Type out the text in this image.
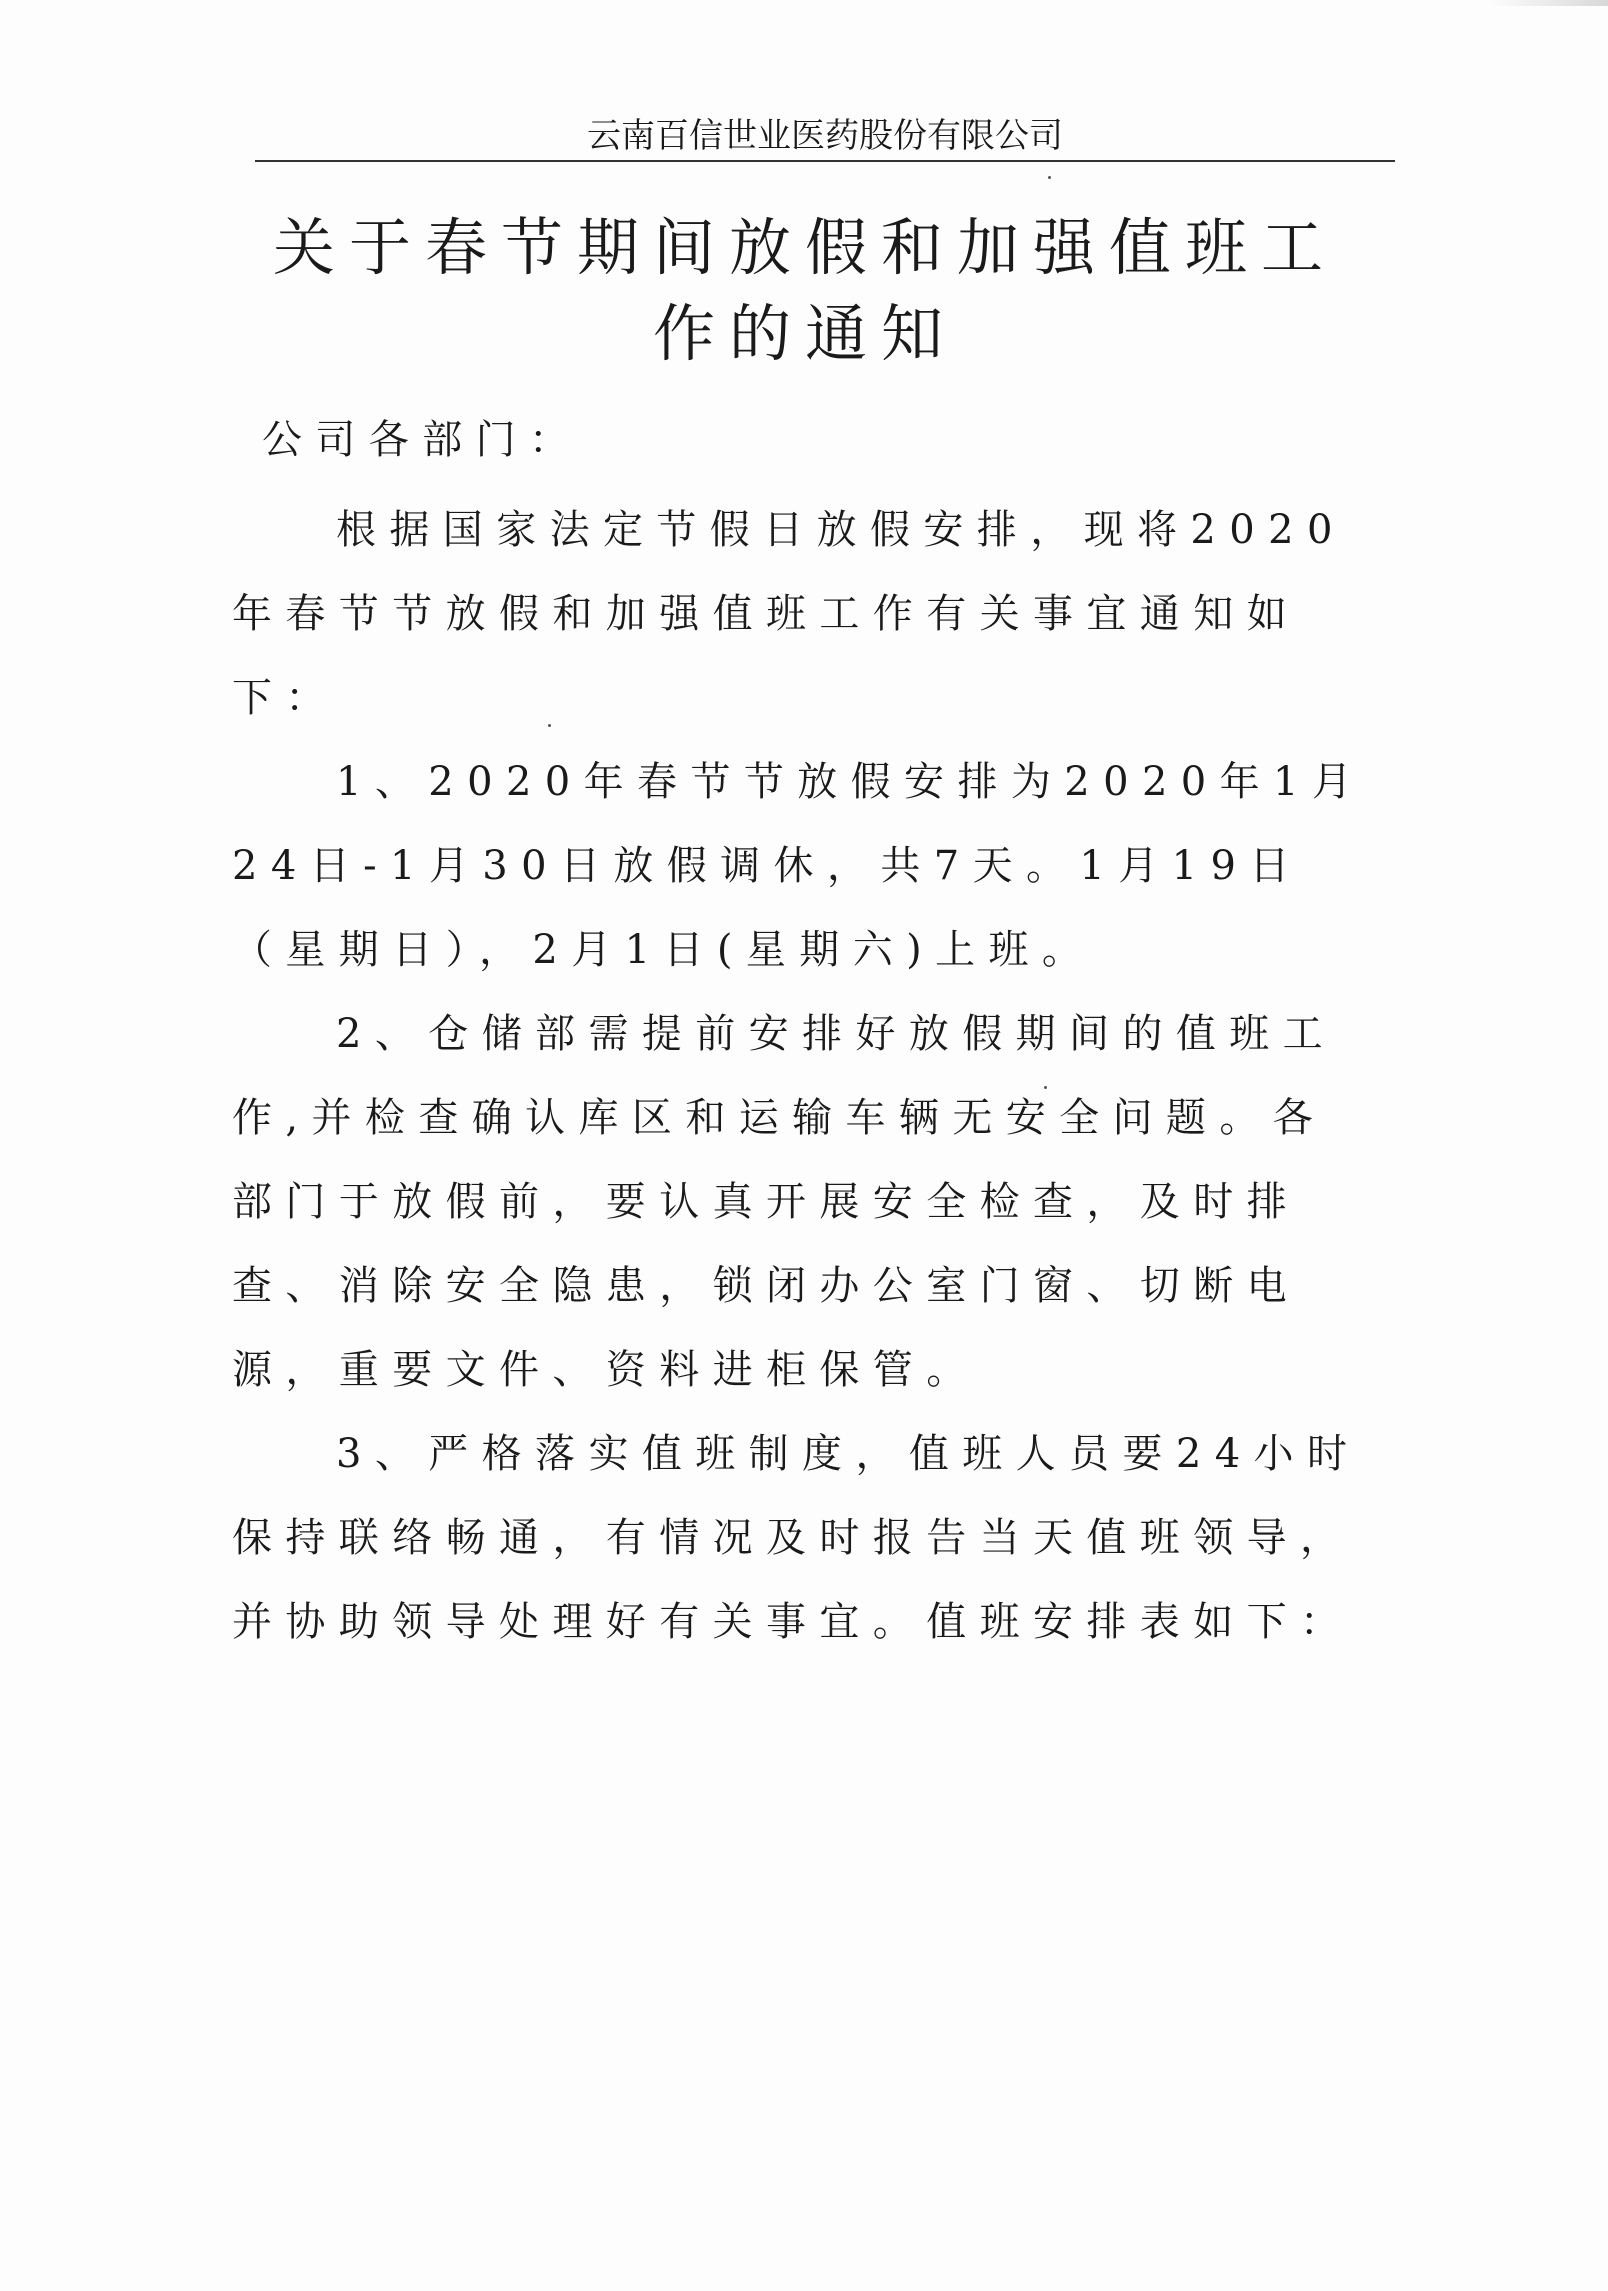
云南百信世业医药股份有限公司
关于春节期间放假和加强值班工
作的通知

公司各部门：

根据国家法定节假日放假安排，现将2020年春节节放假和加强值班工作有关事宜通知如下：

1、2020年春节节放假安排为2020年1月24日-1月30日放假调休，共7天。1月19日（星期日），2月1日(星期六)上班。

2、仓储部需提前安排好放假期间的值班工作,并检查确认库区和运输车辆无安全问题。各部门于放假前，要认真开展安全检查，及时排查、消除安全隐患，锁闭办公室门窗、切断电源，重要文件、资料进柜保管。

3、严格落实值班制度，值班人员要24小时保持联络畅通，有情况及时报告当天值班领导，并协助领导处理好有关事宜。值班安排表如下：
